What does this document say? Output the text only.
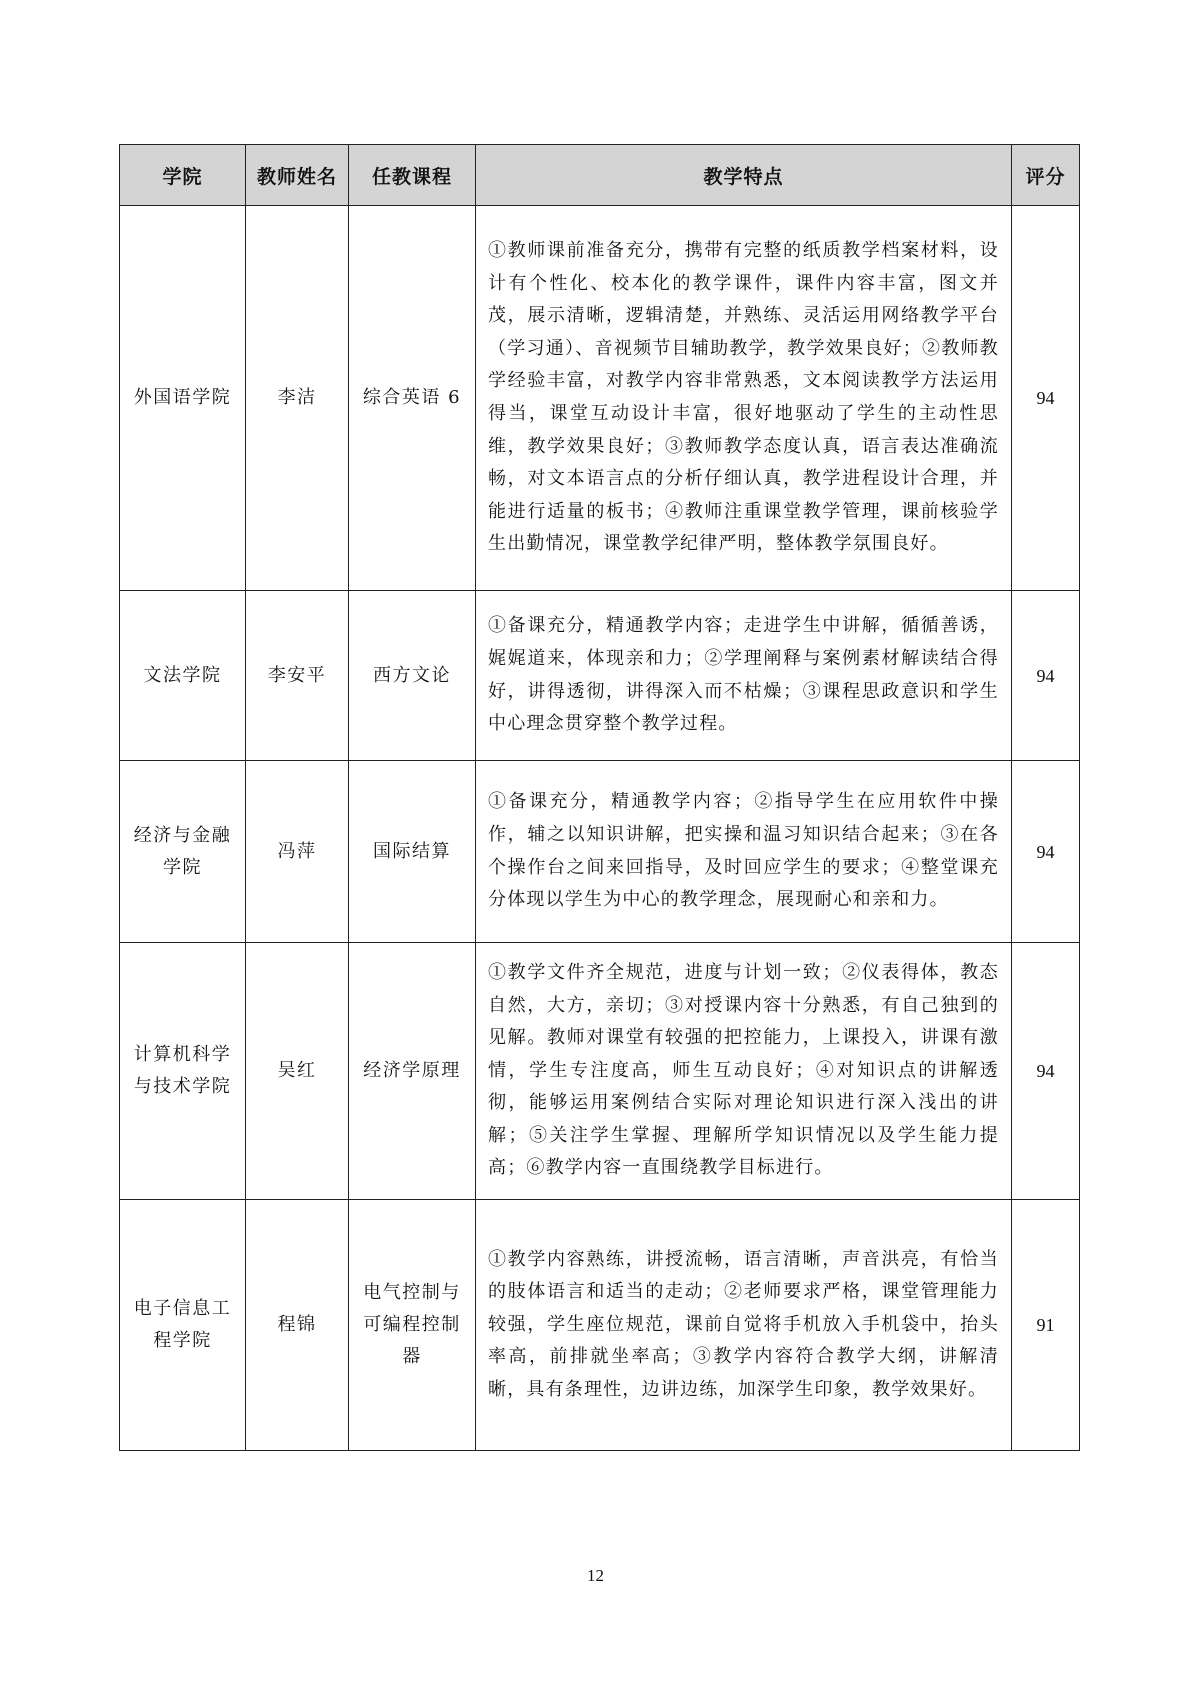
学院	教师姓名	任教课程	教学特点	评分
外国语学院	李洁	综合英语 6	①教师课前准备充分，携带有完整的纸质教学档案材料，设计有个性化、校本化的教学课件，课件内容丰富，图文并茂，展示清晰，逻辑清楚，并熟练、灵活运用网络教学平台（学习通）、音视频节目辅助教学，教学效果良好；②教师教学经验丰富，对教学内容非常熟悉，文本阅读教学方法运用得当，课堂互动设计丰富，很好地驱动了学生的主动性思维，教学效果良好；③教师教学态度认真，语言表达准确流畅，对文本语言点的分析仔细认真，教学进程设计合理，并能进行适量的板书；④教师注重课堂教学管理，课前核验学生出勤情况，课堂教学纪律严明，整体教学氛围良好。	94
文法学院	李安平	西方文论	①备课充分，精通教学内容；走进学生中讲解，循循善诱，娓娓道来，体现亲和力；②学理阐释与案例素材解读结合得好，讲得透彻，讲得深入而不枯燥；③课程思政意识和学生中心理念贯穿整个教学过程。	94
经济与金融学院	冯萍	国际结算	①备课充分，精通教学内容；②指导学生在应用软件中操作，辅之以知识讲解，把实操和温习知识结合起来；③在各个操作台之间来回指导，及时回应学生的要求；④整堂课充分体现以学生为中心的教学理念，展现耐心和亲和力。	94
计算机科学与技术学院	吴红	经济学原理	①教学文件齐全规范，进度与计划一致；②仪表得体，教态自然，大方，亲切；③对授课内容十分熟悉，有自己独到的见解。教师对课堂有较强的把控能力，上课投入，讲课有激情，学生专注度高，师生互动良好；④对知识点的讲解透彻，能够运用案例结合实际对理论知识进行深入浅出的讲解；⑤关注学生掌握、理解所学知识情况以及学生能力提高；⑥教学内容一直围绕教学目标进行。	94
电子信息工程学院	程锦	电气控制与可编程控制器	①教学内容熟练，讲授流畅，语言清晰，声音洪亮，有恰当的肢体语言和适当的走动；②老师要求严格，课堂管理能力较强，学生座位规范，课前自觉将手机放入手机袋中，抬头率高，前排就坐率高；③教学内容符合教学大纲，讲解清晰，具有条理性，边讲边练，加深学生印象，教学效果好。	91
12
